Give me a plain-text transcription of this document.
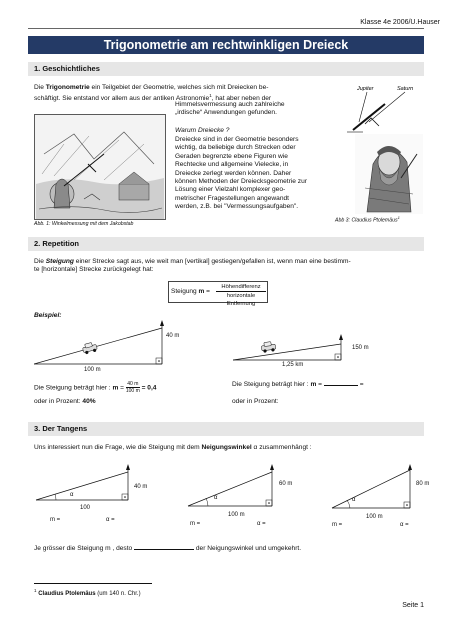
Klasse 4e 2006/U.Hauser
Trigonometrie am rechtwinkligen Dreieck
1. Geschichtliches
Die Trigonometrie ein Teilgebiet der Geometrie, welches sich mit Dreiecken be-
schäftigt. Sie entstand vor allem aus der antiken Astronomie$^1$, hat aber neben der
Himmelsvermessung auch zahlreiche
„irdische“ Anwendungen gefunden.
Abb. 1: Winkelmessung mit dem Jakobstab
Warum Dreiecke ?
Dreiecke sind in der Geometrie besonders
wichtig, da beliebige durch Strecken oder
Geraden begrenzte ebene Figuren wie
Rechtecke und allgemeine Vielecke, in
Dreiecke zerlegt werden können. Daher
können Methoden der Dreiecksgeometrie zur
Lösung einer Vielzahl komplexer geo-
metrischer Fragestellungen angewandt
werden, z.B. bei "Vermessungsaufgaben".
Jupiter	Saturn
Abb 3: Claudius Ptolemäus$^1$
2. Repetition
Die Steigung einer Strecke sagt aus, wie weit man [vertikal] gestiegen/gefallen ist, wenn man eine bestimm-
te [horizontale] Strecke zurückgelegt hat:
Steigung m =
Höhendifferenz
horizontale Entfernung
Beispiel:
40 m
100 m
150 m
1,25 km
Die Steigung beträgt hier : $m = \frac{40 m}{100 m} = 0,4$	Die Steigung beträgt hier : m =	=
oder in Prozent: 40%	oder in Prozent:
3. Der Tangens
Uns interessiert nun die Frage, wie die Steigung mit dem Neigungswinkel α zusammenhängt :
α
40 m
100
m =	α =
α
60 m
100 m
m =	α =
α
80 m
100 m
m =	α =
Je grösser die Steigung m , desto	der Neigungswinkel und umgekehrt.
$^1$ Claudius Ptolemäus (um 140 n. Chr.)
Seite 1
